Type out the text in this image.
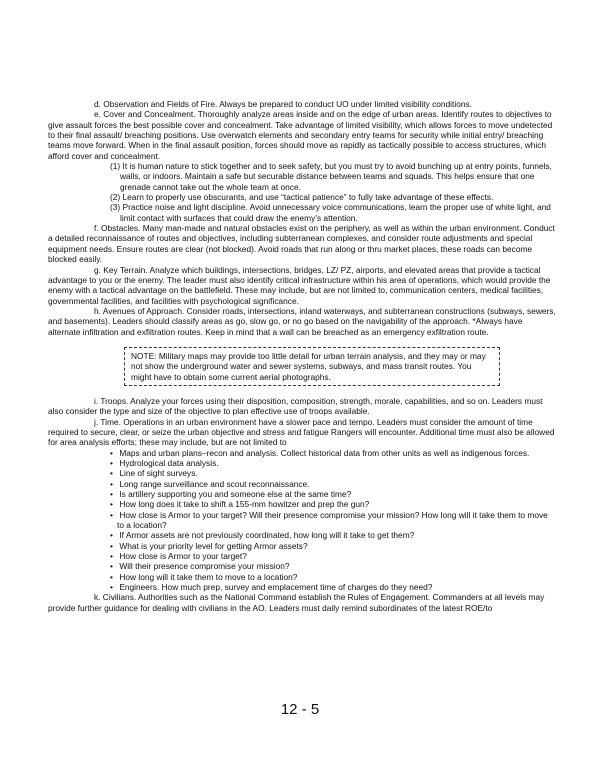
d. Observation and Fields of Fire. Always be prepared to conduct UO under limited visibility conditions.

e. Cover and Concealment. Thoroughly analyze areas inside and on the edge of urban areas. Identify routes to objectives to give assault forces the best possible cover and concealment. Take advantage of limited visibility, which allows forces to move undetected to their final assault/ breaching positions. Use overwatch elements and secondary entry teams for security while initial entry/ breaching teams move forward. When in the final assault position, forces should move as rapidly as tactically possible to access structures, which afford cover and concealment.

(1) It is human nature to stick together and to seek safety, but you must try to avoid bunching up at entry points, funnels, walls, or indoors. Maintain a safe but securable distance between teams and squads. This helps ensure that one grenade cannot take out the whole team at once.

(2) Learn to properly use obscurants, and use “tactical patience” to fully take advantage of these effects.

(3) Practice noise and light discipline. Avoid unnecessary voice communications, learn the proper use of white light, and limit contact with surfaces that could draw the enemy’s attention.

f. Obstacles. Many man-made and natural obstacles exist on the periphery, as well as within the urban environment. Conduct a detailed reconnaissance of routes and objectives, including subterranean complexes, and consider route adjustments and special equipment needs. Ensure routes are clear (not blocked). Avoid roads that run along or thru market places, these roads can become blocked easily.

g. Key Terrain. Analyze which buildings, intersections, bridges, LZ/ PZ, airports, and elevated areas that provide a tactical advantage to you or the enemy. The leader must also identify critical infrastructure within his area of operations, which would provide the enemy with a tactical advantage on the battlefield. These may include, but are not limited to, communication centers, medical facilities, governmental facilities, and facilities with psychological significance.

h. Avenues of Approach. Consider roads, intersections, inland waterways, and subterranean constructions (subways, sewers, and basements). Leaders should classify areas as go, slow go, or no go based on the navigability of the approach. *Always have alternate infiltration and exfiltration routes. Keep in mind that a wall can be breached as an emergency exfiltration route.

NOTE: Military maps may provide too little detail for urban terrain analysis, and they may or may not show the underground water and sewer systems, subways, and mass transit routes. You might have to obtain some current aerial photographs.

i. Troops. Analyze your forces using their disposition, composition, strength, morale, capabilities, and so on. Leaders must also consider the type and size of the objective to plan effective use of troops available.

j. Time. Operations in an urban environment have a slower pace and tempo. Leaders must consider the amount of time required to secure, clear, or seize the urban objective and stress and fatigue Rangers will encounter. Additional time must also be allowed for area analysis efforts; these may include, but are not limited to

• Maps and urban plans–recon and analysis. Collect historical data from other units as well as indigenous forces.
• Hydrological data analysis.
• Line of sight surveys.
• Long range surveillance and scout reconnaissance.
• Is artillery supporting you and someone else at the same time?
• How long does it take to shift a 155-mm howitzer and prep the gun?
• How close is Armor to your target? Will their presence compromise your mission? How long will it take them to move to a location?
• If Armor assets are not previously coordinated, how long will it take to get them?
• What is your priority level for getting Armor assets?
• How close is Armor to your target?
• Will their presence compromise your mission?
• How long will it take them to move to a location?
• Engineers. How much prep, survey and emplacement time of charges do they need?

k. Civilians. Authorities such as the National Command establish the Rules of Engagement. Commanders at all levels may provide further guidance for dealing with civilians in the AO. Leaders must daily remind subordinates of the latest ROE/to

12 - 5
